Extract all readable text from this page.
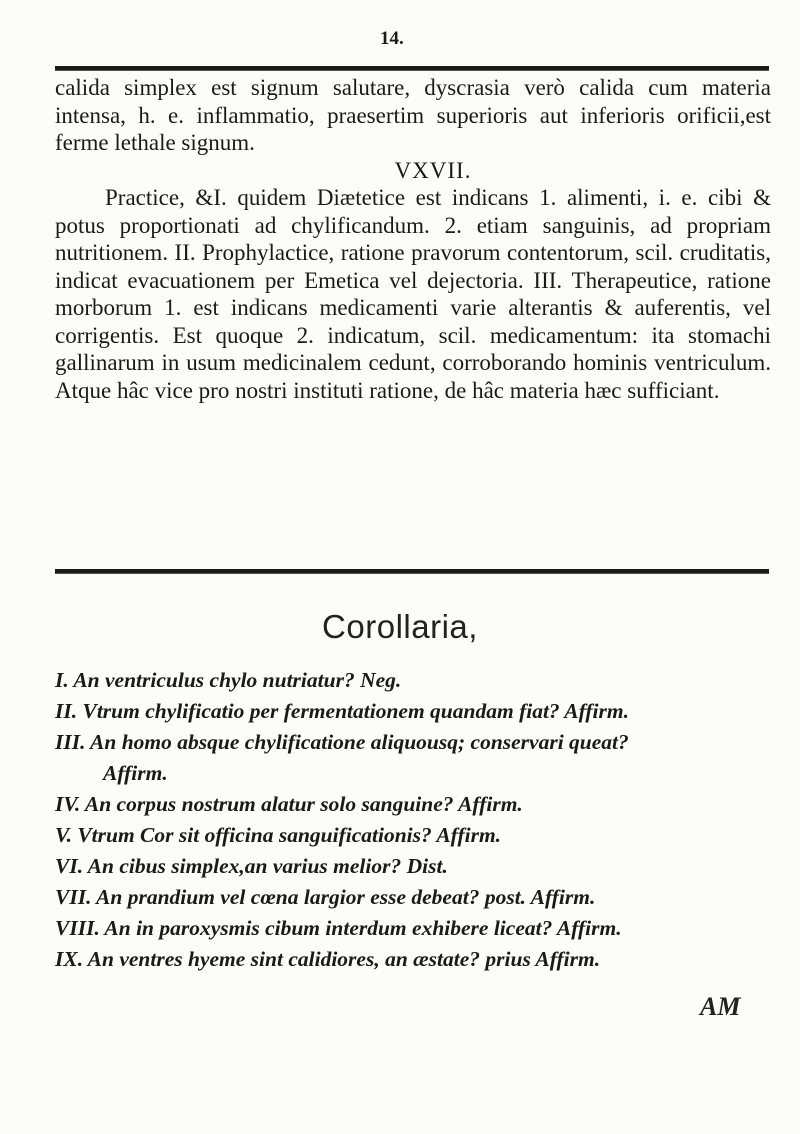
14.

calida simplex est signum salutare, dyscrasia verò calida cum materia intensa, h. e. inflammatio, praesertim superioris aut inferioris orificii,est ferme lethale signum.

VXVII.

Practice, &I. quidem Diætetice est indicans 1. alimenti, i. e. cibi & potus proportionati ad chylificandum. 2. etiam sanguinis, ad propriam nutritionem. II. Prophylactice, ratione pravorum contentorum, scil. cruditatis, indicat evacuationem per Emetica vel dejectoria. III. Therapeutice, ratione morborum 1. est indicans medicamenti varie alterantis & auferentis, vel corrigentis. Est quoque 2. indicatum, scil. medicamentum: ita stomachi gallinarum in usum medicinalem cedunt, corroborando hominis ventriculum. Atque hâc vice pro nostri instituti ratione, de hâc materia hæc sufficiant.

Corollaria,

I. An ventriculus chylo nutriatur? Neg.

II. Vtrum chylificatio per fermentationem quandam fiat? Affirm.

III. An homo absque chylificatione aliquousq; conservari queat?

Affirm.

IV. An corpus nostrum alatur solo sanguine? Affirm.

V. Vtrum Cor sit officina sanguificationis? Affirm.

VI. An cibus simplex,an varius melior? Dist.

VII. An prandium vel cœna largior esse debeat? post. Affirm.

VIII. An in paroxysmis cibum interdum exhibere liceat? Affirm.

IX. An ventres hyeme sint calidiores, an æstate? prius Affirm.

AM
